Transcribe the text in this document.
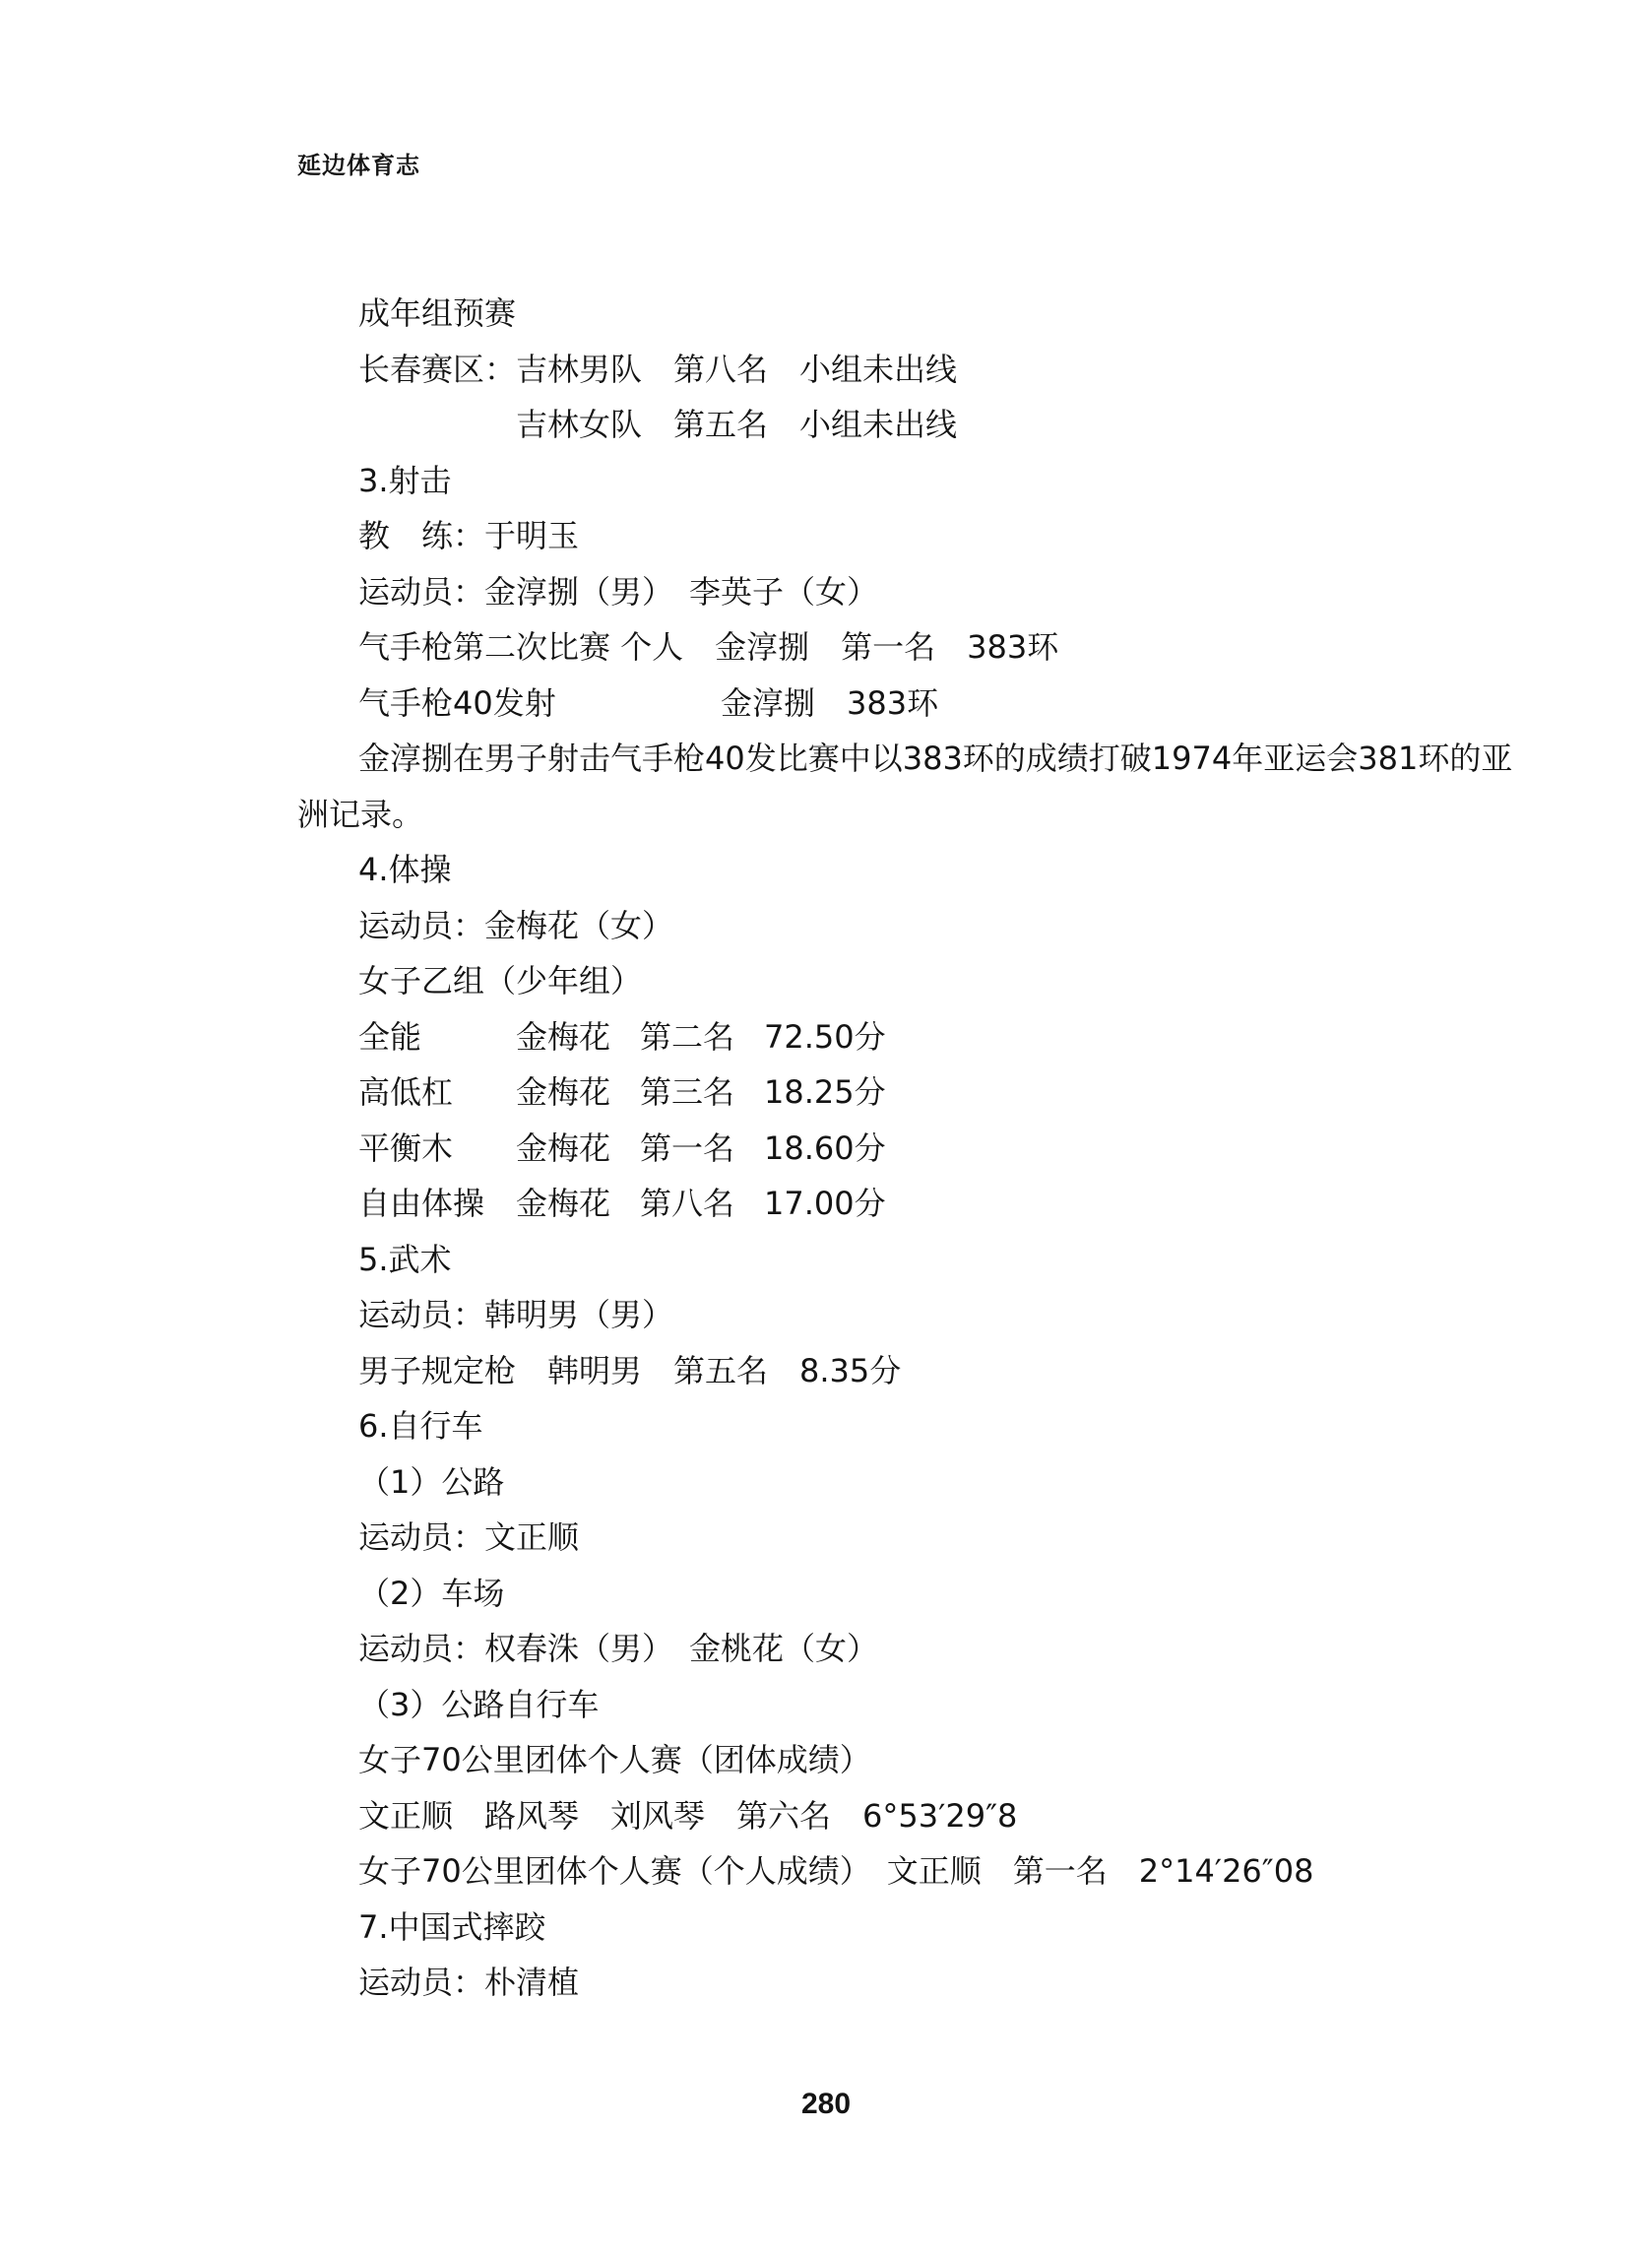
延边体育志
成年组预赛
长春赛区：吉林男队　第八名　小组未出线
吉林女队　第五名　小组未出线
3.射击
教　练：于明玉
运动员：金淳捌（男）　李英子（女）
气手枪第二次比赛 个人　金淳捌　第一名　383环
气手枪40发射	金淳捌　383环
金淳捌在男子射击气手枪40发比赛中以383环的成绩打破1974年亚运会381环的亚
洲记录。
4.体操
运动员：金梅花（女）
女子乙组（少年组）
全能	金梅花 第二名 72.50分
高低杠 金梅花 第三名 18.25分
平衡木 金梅花 第一名 18.60分
自由体操 金梅花 第八名 17.00分
5.武术
运动员：韩明男（男）
男子规定枪　韩明男　第五名　8.35分
6.自行车
（1）公路
运动员：文正顺
（2）车场
运动员：权春洙（男）　金桃花（女）
（3）公路自行车
女子70公里团体个人赛（团体成绩）
文正顺　路风琴　刘风琴　第六名　6°53′29″8
女子70公里团体个人赛（个人成绩）　文正顺　第一名　2°14′26″08
7.中国式摔跤
运动员：朴清植
280
